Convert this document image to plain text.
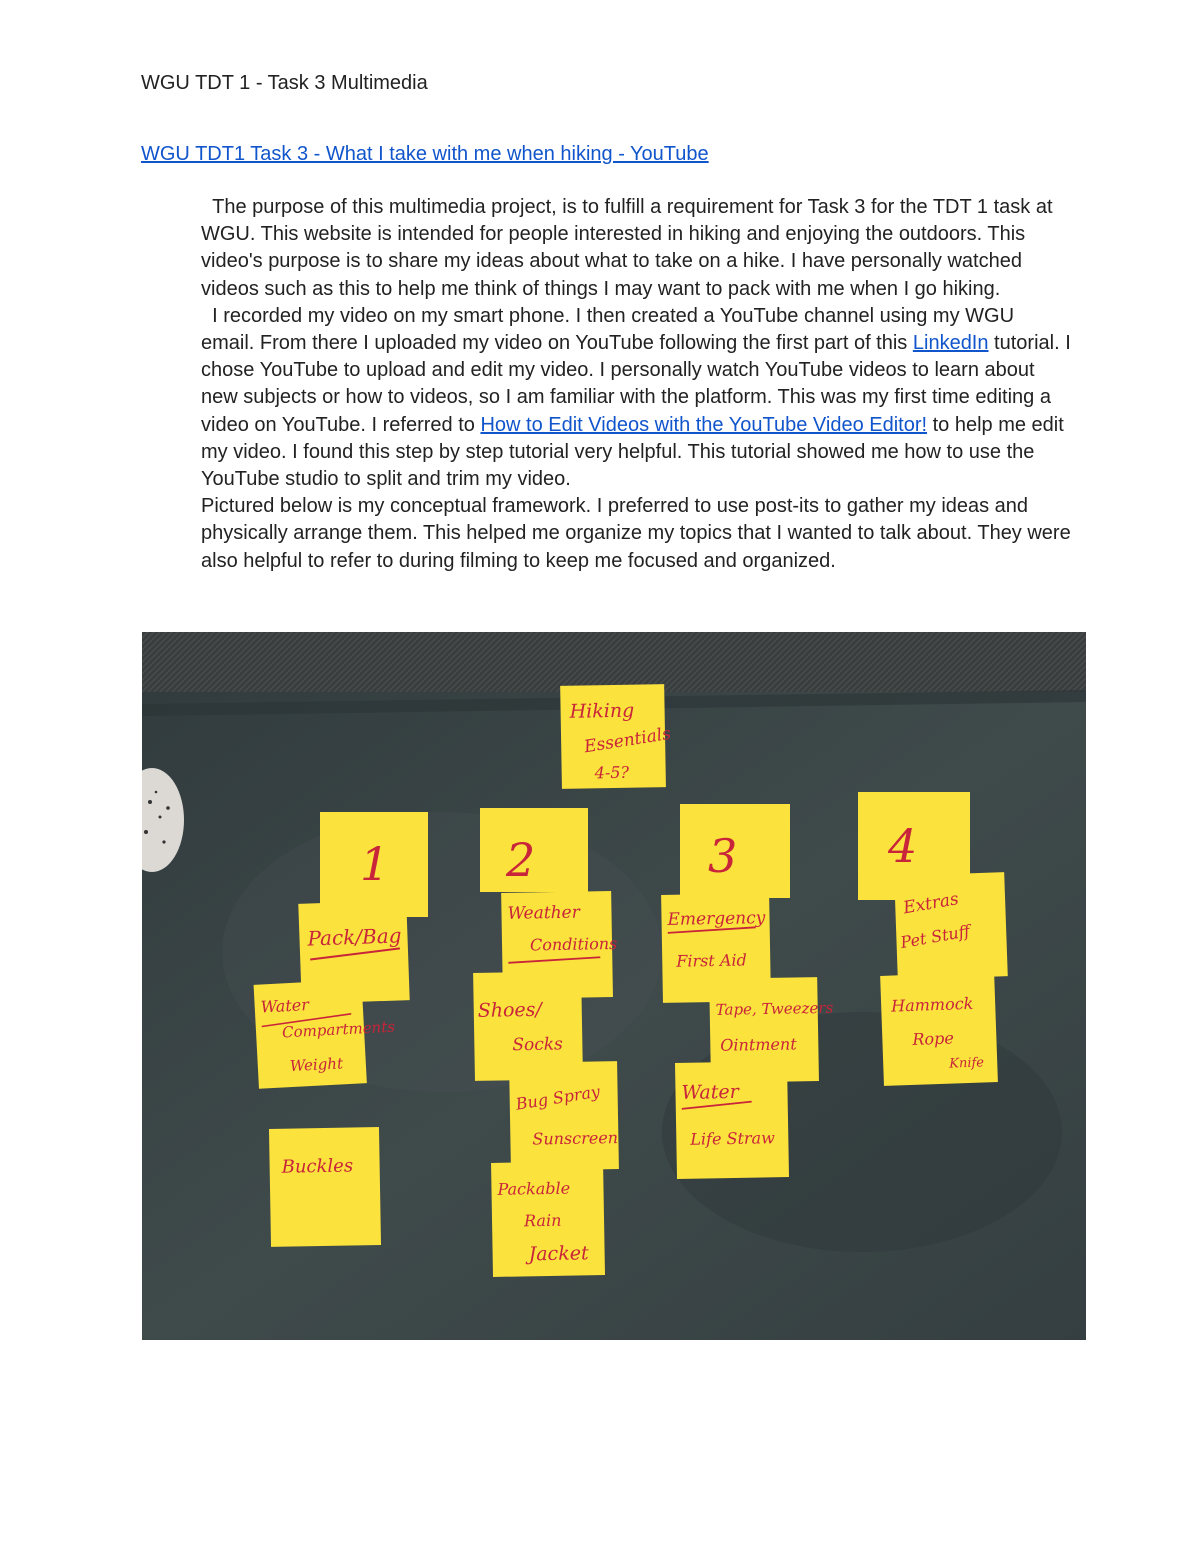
WGU TDT 1 - Task 3 Multimedia
WGU TDT1 Task 3 - What I take with me when hiking - YouTube

The purpose of this multimedia project, is to fulfill a requirement for Task 3 for the TDT 1 task at WGU. This website is intended for people interested in hiking and enjoying the outdoors. This video's purpose is to share my ideas about what to take on a hike. I have personally watched videos such as this to help me think of things I may want to pack with me when I go hiking.

I recorded my video on my smart phone. I then created a YouTube channel using my WGU email. From there I uploaded my video on YouTube following the first part of this LinkedIn tutorial. I chose YouTube to upload and edit my video. I personally watch YouTube videos to learn about new subjects or how to videos, so I am familiar with the platform. This was my first time editing a video on YouTube. I referred to How to Edit Videos with the YouTube Video Editor! to help me edit my video. I found this step by step tutorial very helpful. This tutorial showed me how to use the YouTube studio to split and trim my video.

Pictured below is my conceptual framework. I preferred to use post-its to gather my ideas and physically arrange them. This helped me organize my topics that I wanted to talk about. They were also helpful to refer to during filming to keep me focused and organized.

Hiking
Essentials
4-5?
1
Pack/Bag
Water
Compartments
Weight
Buckles
2
Weather
Conditions
Shoes/
Socks
Bug Spray
Sunscreen
Packable
Rain
Jacket
3
Emergency
First Aid
Tape, Tweezers
Ointment
Water
Life Straw
4
Extras
Pet Stuff
Hammock
Rope
Knife
